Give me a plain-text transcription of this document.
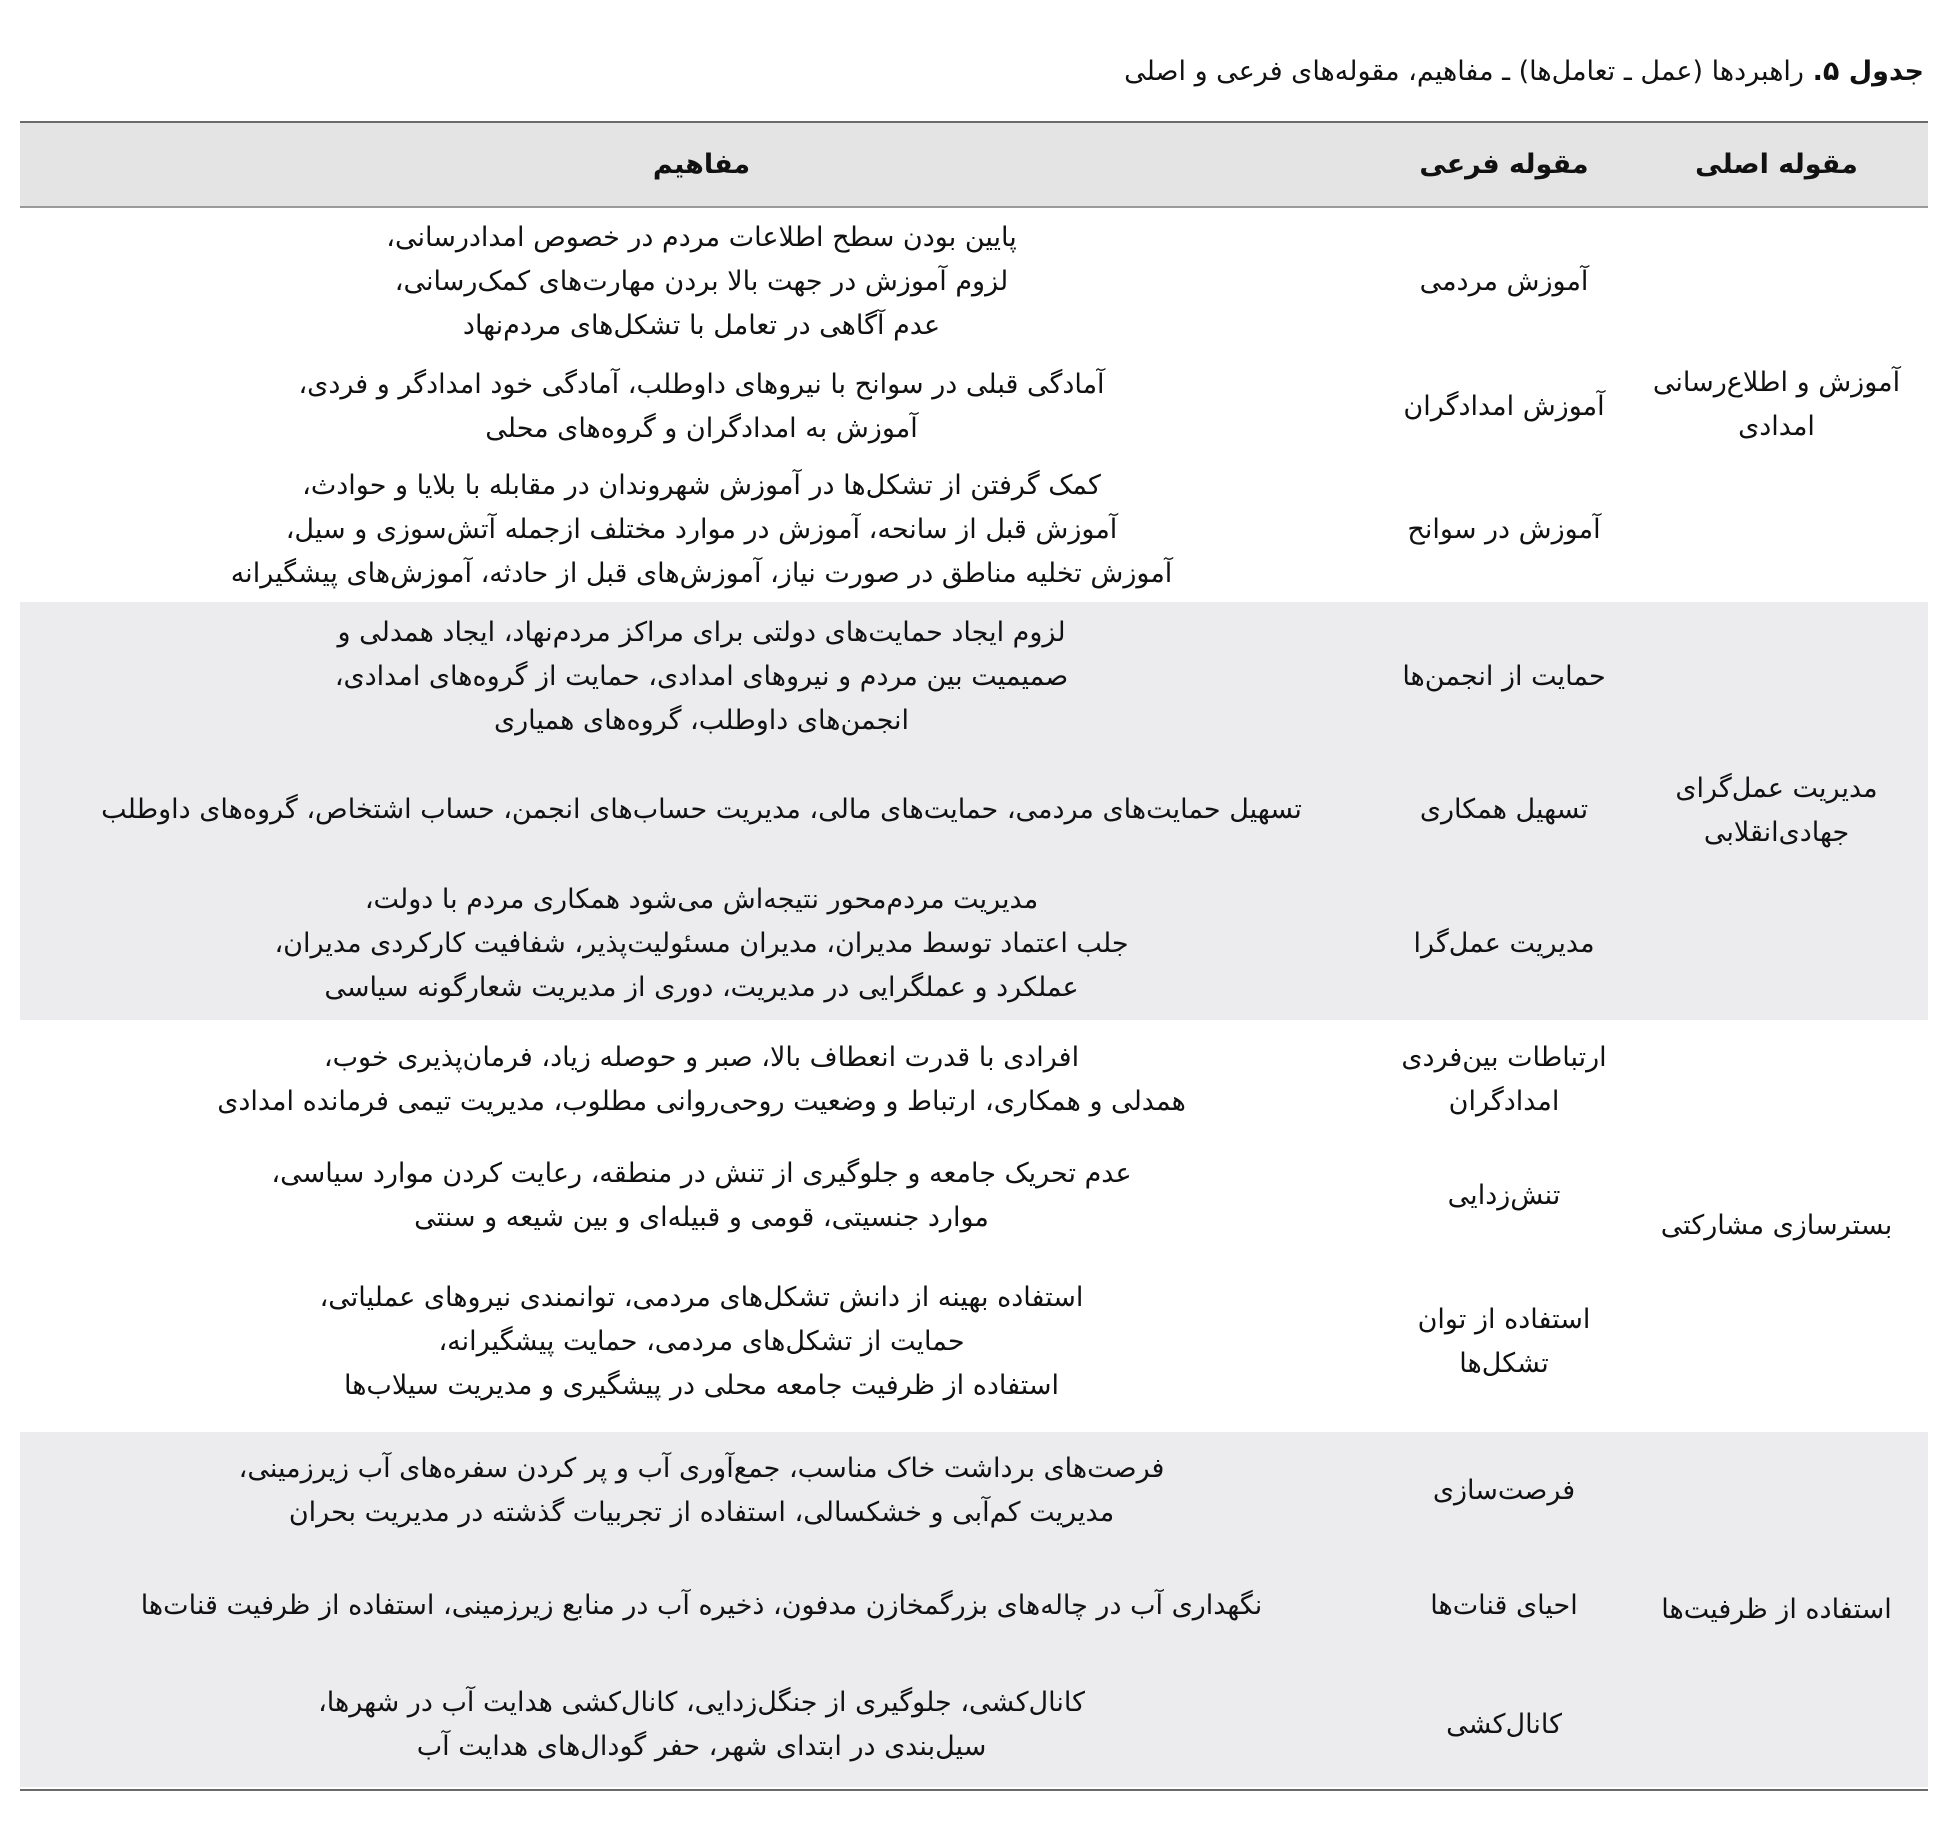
جدول ۵. راهبردها (عمل ـ تعامل‌ها) ـ مفاهیم، مقوله‌های فرعی و اصلی
مقوله اصلی
مقوله فرعی
مفاهیم
آموزش و اطلاع‌رسانی
امدادی
آموزش مردمی
پایین بودن سطح اطلاعات مردم در خصوص امدادرسانی،
لزوم آموزش در جهت بالا بردن مهارت‌های کمک‌رسانی،
عدم آگاهی در تعامل با تشکل‌های مردم‌نهاد
آموزش امدادگران
آمادگی قبلی در سوانح با نیروهای داوطلب، آمادگی خود امدادگر و فردی،
آموزش به امدادگران و گروه‌های محلی
آموزش در سوانح
کمک گرفتن از تشکل‌ها در آموزش شهروندان در مقابله با بلایا و حوادث،
آموزش قبل از سانحه، آموزش در موارد مختلف ازجمله آتش‌سوزی و سیل،
آموزش تخلیه مناطق در صورت نیاز، آموزش‌های قبل از حادثه، آموزش‌های پیشگیرانه
مدیریت عمل‌گرای
جهادی‌انقلابی
حمایت از انجمن‌ها
لزوم ایجاد حمایت‌های دولتی برای مراکز مردم‌نهاد، ایجاد همدلی و
صمیمیت بین مردم و نیروهای امدادی، حمایت از گروه‌های امدادی،
انجمن‌های داوطلب، گروه‌های همیاری
تسهیل همکاری
تسهیل حمایت‌های مردمی، حمایت‌های مالی، مدیریت حساب‌های انجمن، حساب اشتخاص، گروه‌های داوطلب
مدیریت عمل‌گرا
مدیریت مردم‌محور نتیجه‌اش می‌شود همکاری مردم با دولت،
جلب اعتماد توسط مدیران، مدیران مسئولیت‌پذیر، شفافیت کارکردی مدیران،
عملکرد و عملگرایی در مدیریت، دوری از مدیریت شعارگونه سیاسی
بسترسازی مشارکتی
ارتباطات بین‌فردی
امدادگران
افرادی با قدرت انعطاف بالا، صبر و حوصله زیاد، فرمان‌پذیری خوب،
همدلی و همکاری، ارتباط و وضعیت روحی‌روانی مطلوب، مدیریت تیمی فرمانده امدادی
تنش‌زدایی
عدم تحریک جامعه و جلوگیری از تنش در منطقه، رعایت کردن موارد سیاسی،
موارد جنسیتی، قومی و قبیله‌ای و بین شیعه و سنتی
استفاده از توان
تشکل‌ها
استفاده بهینه از دانش تشکل‌های مردمی، توانمندی نیروهای عملیاتی،
حمایت از تشکل‌های مردمی، حمایت پیشگیرانه،
استفاده از ظرفیت جامعه محلی در پیشگیری و مدیریت سیلاب‌ها
استفاده از ظرفیت‌ها
فرصت‌سازی
فرصت‌های برداشت خاک مناسب، جمع‌آوری آب و پر کردن سفره‌های آب زیرزمینی،
مدیریت کم‌آبی و خشکسالی، استفاده از تجربیات گذشته در مدیریت بحران
احیای قنات‌ها
نگهداری آب در چاله‌های بزرگمخازن مدفون، ذخیره آب در منابع زیرزمینی، استفاده از ظرفیت قنات‌ها
کانال‌کشی
کانال‌کشی، جلوگیری از جنگل‌زدایی، کانال‌کشی هدایت آب در شهرها،
سیل‌بندی در ابتدای شهر، حفر گودال‌های هدایت آب
